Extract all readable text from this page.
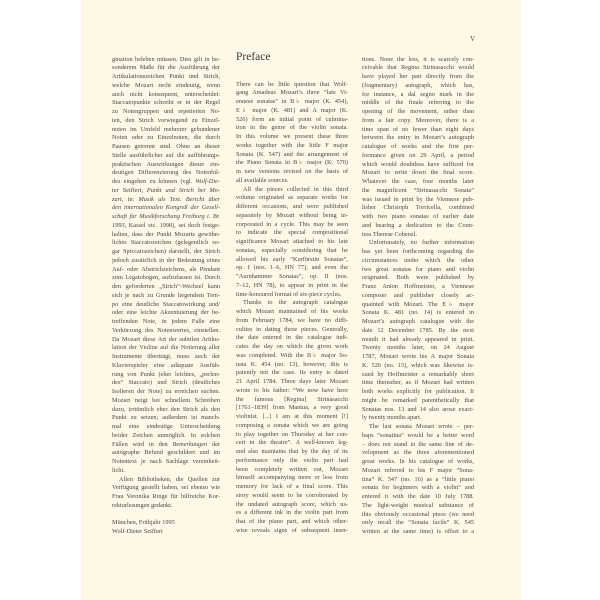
V
Preface
gination beleben müssen. Dies gilt in be-
sonderem Maße für die Ausführung der
Artikulationszeichen Punkt und Strich,
welche Mozart recht eindeutig, wenn
auch nicht konsequent, unterscheidet:
Staccatopunkte schreibt er in der Regel
zu Notengruppen und repetierten No-
ten, den Strich vorwiegend zu Einzel-
noten im Umfeld mehrerer gebundener
Noten oder zu Einzelnoten, die durch
Pausen getrennt sind. Ohne an dieser
Stelle ausführlicher auf die aufführungs-
praktischen Auswirkungen dieser ein-
deutigen Differenzierung des Notenbil-
des eingehen zu können (vgl. Wolf-Die-
ter Seiffert, Punkt und Strich bei Mo-
zart, in: Musik als Text. Bericht über
den internationalen Kongreß der Gesell-
schaft für Musikforschung Freiburg i. Br.
1993, Kassel etc. 1998), sei doch festge-
halten, dass der Punkt Mozarts gewöhn-
liches Staccatozeichen (gelegentlich so-
gar Spiccatozeichen) darstellt, der Strich
jedoch zusätzlich in der Bedeutung eines
Auf- oder Abstrichzeichens, als Pendant
zum Legatobogen, aufzufassen ist. Durch
den geforderten „Strich“-Wechsel kann
sich je nach zu Grunde liegendem Tem-
po eine deutliche Staccatowirkung und/
oder eine leichte Akzentuierung der be-
treffenden Note, in jedem Falle eine
Verkürzung des Notenwertes, einstellen.
Da Mozart diese Art der subtilen Artiku-
lation der Violine auf die Notierung aller
Instrumente überträgt, muss auch der
Klavierspieler eine adäquate Ausfüh-
rung von Punkt (eher leichtes, „perlen-
des“ Staccato) und Strich (deutliches
Isolieren der Note) zu erreichen suchen.
Mozart neigt bei schnellem Schreiben
dazu, irrtümlich eher den Strich als den
Punkt zu setzen; außerdem ist manch-
mal eine eindeutige Unterscheidung
beider Zeichen unmöglich. In solchen
Fällen wird in den Bemerkungen der
autographe Befund geschildert und im
Notentext je nach Sachlage vereinheit-
licht.
Allen Bibliotheken, die Quellen zur
Verfügung gestellt haben, sei ebenso wie
Frau Veronika Ringe für hilfreiche Kor-
rekturlesungen gedankt.
München, Frühjahr 1995
Wolf-Dieter Seiffert
There can be little question that Wolf-
gang Amadeus Mozart’s three “late Vi-
ennese sonatas” in B♭ major (K. 454),
E♭ major (K. 481) and A major (K.
526) form an initial point of culmina-
tion in the genre of the violin sonata.
In this volume we present these three
works together with the little F major
Sonata (K. 547) and the arrangement of
the Piano Sonata in B♭ major (K. 570)
in new versions revised on the basis of
all available sources.
All the pieces collected in this third
volume originated as separate works for
different occasions, and were published
separately by Mozart without being in-
corporated in a cycle. This may be seen
to indicate the special compositional
significance Mozart attached to his late
sonatas, especially considering that he
allowed his early “Kurfürstin Sonatas”,
op. I (nos. 1–6, HN 77), and even the
“Aurnhammer Sonatas”, op. II (nos.
7–12, HN 78), to appear in print in the
time-honoured format of six-piece cycles.
Thanks to the autograph catalogue
which Mozart maintained of his works
from February 1784, we have no diffi-
culties in dating these pieces. Generally,
the date entered in the catalogue indi-
cates the day on which the given work
was completed. With the B♭ major So-
nata K. 454 (no. 13), however, this is
patently not the case. Its entry is dated
21 April 1784. Three days later Mozart
wrote to his father: “We now have here
the famous [Regina] Strinasacchi
[1761–1839] from Mantua, a very good
violinist. [...] I am at this moment [!]
composing a sonata which we are going
to play together on Thursday at her con-
cert in the theatre”. A well-known leg-
end also maintains that by the day of its
performance only the violin part had
been completely written out, Mozart
himself accompanying more or less from
memory for lack of a final score. This
story would seem to be corroborated by
the undated autograph score, which us-
es a different ink in the violin part from
that of the piano part, and which other-
wise reveals signs of subsequent inser-
tions. None the less, it is scarcely con-
ceivable that Regina Strinasacchi would
have played her part directly from the
(fragmentary) autograph, which has,
for instance, a dal segno mark in the
middle of the finale referring to the
opening of the movement, rather than
from a fair copy. Moreover, there is a
time span of no fewer than eight days
between the entry in Mozart’s autograph
catalogue of works and the first per-
formance given on 29 April, a period
which would doubtless have sufficed for
Mozart to write down the final score.
Whatever the case, four months later
the magnificent “Strinasacchi Sonata”
was issued in print by the Viennese pub-
lisher Christoph Torricella, combined
with two piano sonatas of earlier date
and bearing a dedication to the Coun-
tess Therese Cobenzl.
Unfortunately, no further information
has yet been forthcoming regarding the
circumstances under which the other
two great sonatas for piano and violin
originated. Both were published by
Franz Anton Hoffmeister, a Viennese
composer and publisher closely ac-
quainted with Mozart. The E♭ major
Sonata K. 481 (no. 14) is entered in
Mozart’s autograph catalogue with the
date 12 December 1785. By the next
month it had already appeared in print.
Twenty months later, on 24 August
1787, Mozart wrote his A major Sonata
K. 526 (no. 15), which was likewise is-
sued by Hoffmeister a remarkably short
time thereafter, as if Mozart had written
both works explicitly for publication. It
might be remarked parenthetically that
Sonatas nos. 13 and 14 also arose exact-
ly twenty months apart.
The last sonata Mozart wrote – per-
haps “sonatina” would be a better word
– does not stand in the same line of de-
velopment as the three aforementioned
great works. In his catalogue of works,
Mozart referred to his F major “Sona-
tina” K. 547 (no. 16) as a “little piano
sonata for beginners with a violin” and
entered it with the date 10 July 1788.
The light-weight musical substance of
this obviously occasional piece (we need
only recall the “Sonata facile” K. 545
written at the same time) is offset to a
